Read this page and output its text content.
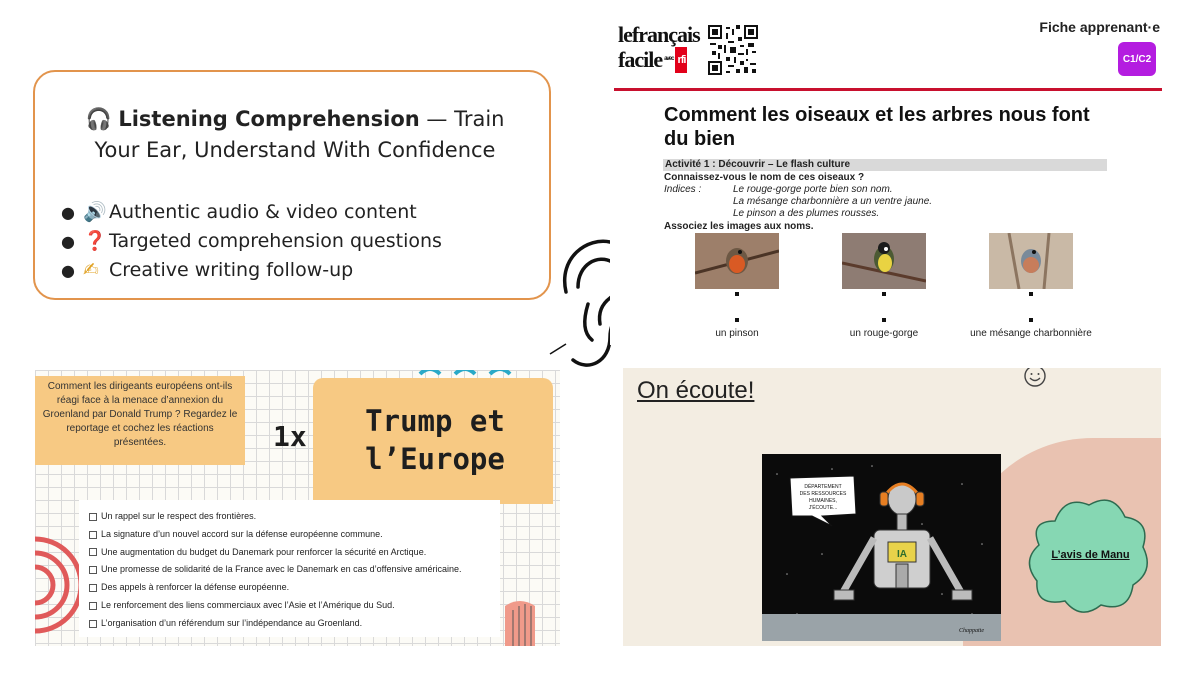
🎧 Listening Comprehension — Train Your Ear, Understand With Confidence
● 🔊 Authentic audio & video content
● ❓ Targeted comprehension questions
● ✍ Creative writing follow-up
lefrançais
facile avec rfi
Fiche apprenant·e
C1/C2
Comment les oiseaux et les arbres nous font du bien
Activité 1 : Découvrir – Le flash culture
Connaissez-vous le nom de ces oiseaux ?
Indices :	Le rouge-gorge porte bien son nom.
La mésange charbonnière a un ventre jaune.
Le pinson a des plumes rousses.
Associez les images aux noms.
un pinson	un rouge-gorge	une mésange charbonnière
Comment les dirigeants européens ont-ils réagi face à la menace d’annexion du Groenland par Donald Trump ? Regardez le reportage et cochez les réactions présentées.	1x	Trump et l’Europe
Un rappel sur le respect des frontières.
La signature d’un nouvel accord sur la défense européenne commune.
Une augmentation du budget du Danemark pour renforcer la sécurité en Arctique.
Une promesse de solidarité de la France avec le Danemark en cas d’offensive américaine.
Des appels à renforcer la défense européenne.
Le renforcement des liens commerciaux avec l’Asie et l’Amérique du Sud.
L’organisation d’un référendum sur l’indépendance au Groenland.
On écoute!
DÉPARTEMENT
DES RESSOURCES
HUMAINES,
J'ÉCOUTE...
IA
Chappatte
L’avis de Manu
